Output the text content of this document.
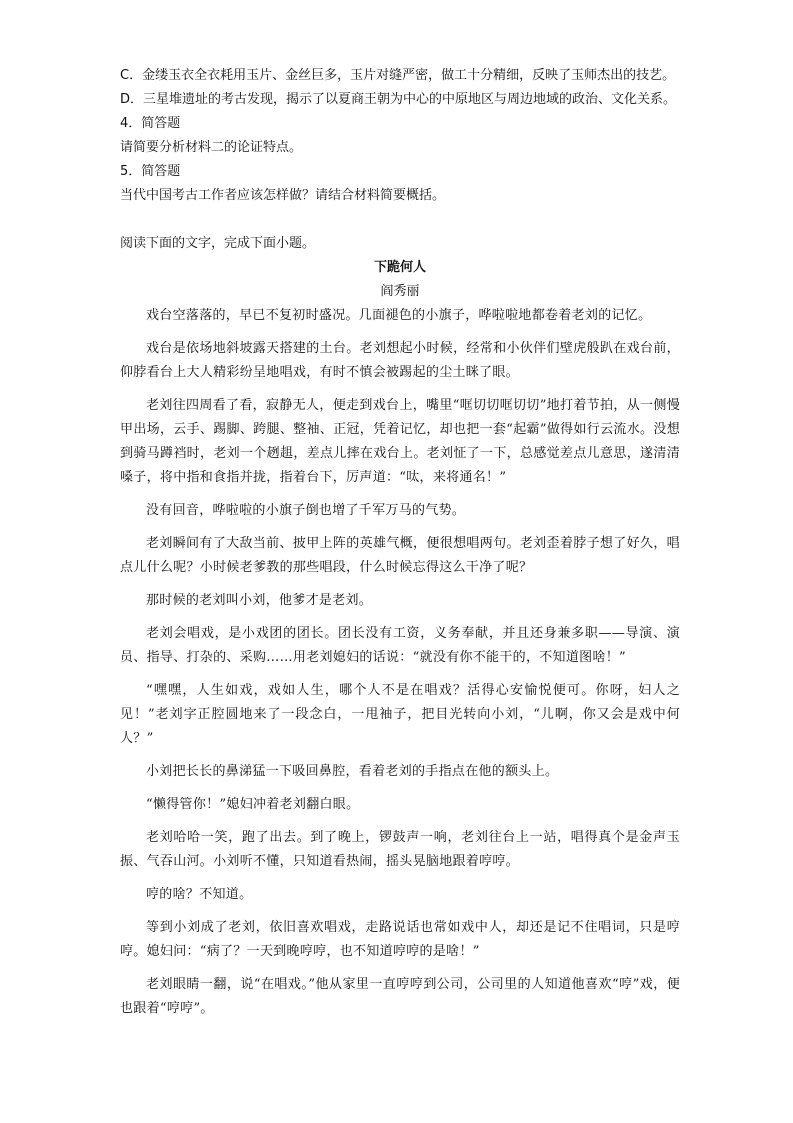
C．金缕玉衣全衣耗用玉片、金丝巨多，玉片对缝严密，做工十分精细，反映了玉师杰出的技艺。
D．三星堆遗址的考古发现，揭示了以夏商王朝为中心的中原地区与周边地域的政治、文化关系。
4．简答题
请简要分析材料二的论证特点。
5．简答题
当代中国考古工作者应该怎样做？请结合材料简要概括。
阅读下面的文字，完成下面小题。
下跪何人
阎秀丽

戏台空落落的，早已不复初时盛况。几面褪色的小旗子，哗啦啦地都卷着老刘的记忆。

戏台是依场地斜坡露天搭建的土台。老刘想起小时候，经常和小伙伴们壁虎般趴在戏台前，仰脖看台上大人精彩纷呈地唱戏，有时不慎会被踢起的尘土眯了眼。

老刘往四周看了看，寂静无人，便走到戏台上，嘴里“哐切切哐切切”地打着节拍，从一侧慢甲出场，云手、踢脚、跨腿、整袖、正冠，凭着记忆，却也把一套“起霸”做得如行云流水。没想到骑马蹲裆时，老刘一个趔趄，差点儿摔在戏台上。老刘怔了一下，总感觉差点儿意思，遂清清嗓子，将中指和食指并拢，指着台下，厉声道：“呔，来将通名！”

没有回音，哗啦啦的小旗子倒也增了千军万马的气势。

老刘瞬间有了大敌当前、披甲上阵的英雄气概，便很想唱两句。老刘歪着脖子想了好久，唱点儿什么呢？小时候老爹教的那些唱段，什么时候忘得这么干净了呢？

那时候的老刘叫小刘，他爹才是老刘。

老刘会唱戏，是小戏团的团长。团长没有工资，义务奉献，并且还身兼多职——导演、演员、指导、打杂的、采购……用老刘媳妇的话说：“就没有你不能干的，不知道图啥！”

“嘿嘿，人生如戏，戏如人生，哪个人不是在唱戏？活得心安愉悦便可。你呀，妇人之见！”老刘字正腔圆地来了一段念白，一甩袖子，把目光转向小刘，“儿啊，你又会是戏中何人？”

小刘把长长的鼻涕猛一下吸回鼻腔，看着老刘的手指点在他的额头上。

“懒得管你！”媳妇冲着老刘翻白眼。

老刘哈哈一笑，跑了出去。到了晚上，锣鼓声一响，老刘往台上一站，唱得真个是金声玉振、气吞山河。小刘听不懂，只知道看热闹，摇头晃脑地跟着哼哼。

哼的啥？不知道。

等到小刘成了老刘，依旧喜欢唱戏，走路说话也常如戏中人，却还是记不住唱词，只是哼哼。媳妇问：“病了？一天到晚哼哼，也不知道哼哼的是啥！”

老刘眼睛一翻，说“在唱戏。”他从家里一直哼哼到公司，公司里的人知道他喜欢“哼”戏，便也跟着“哼哼”。
